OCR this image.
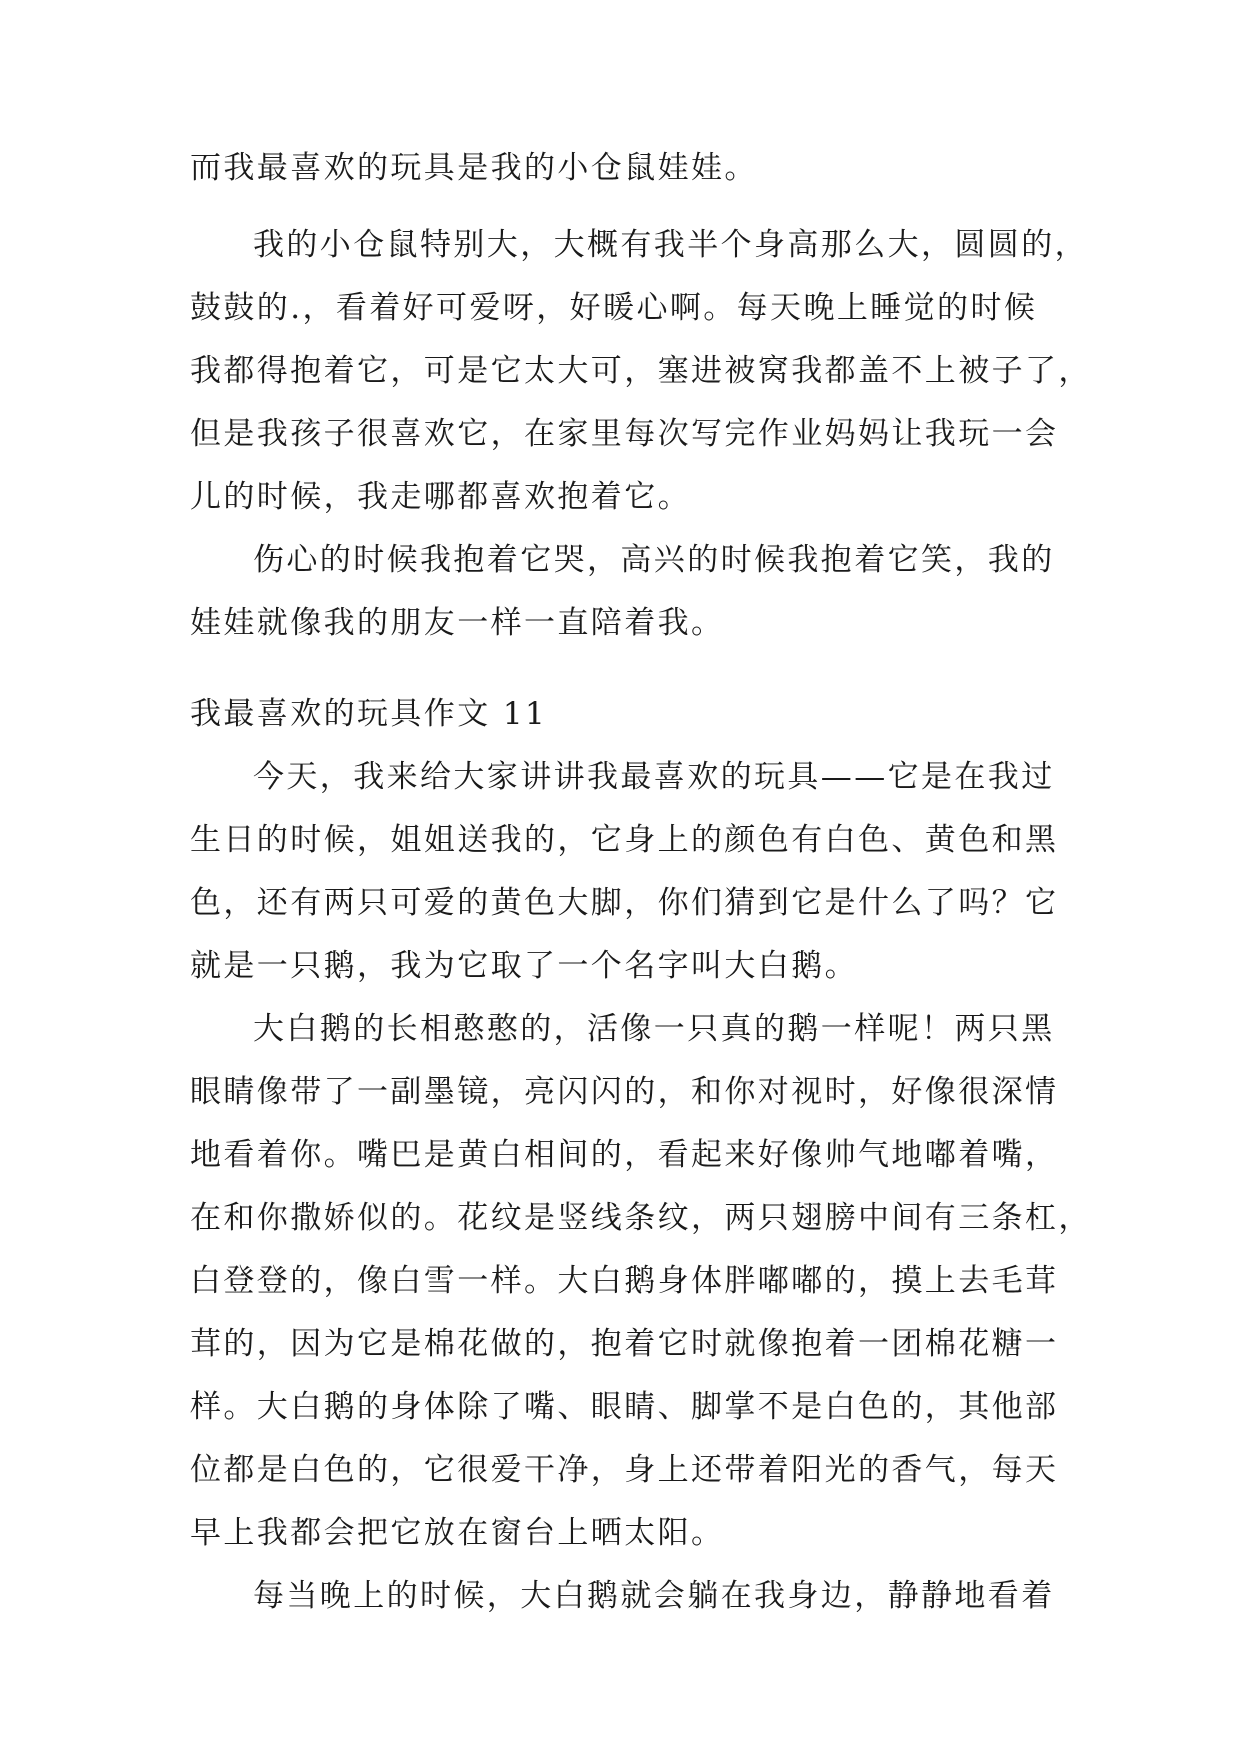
而我最喜欢的玩具是我的小仓鼠娃娃。
我的小仓鼠特别大，大概有我半个身高那么大，圆圆的，
鼓鼓的.，看着好可爱呀，好暖心啊。每天晚上睡觉的时候
我都得抱着它，可是它太大可，塞进被窝我都盖不上被子了，
但是我孩子很喜欢它，在家里每次写完作业妈妈让我玩一会
儿的时候，我走哪都喜欢抱着它。
伤心的时候我抱着它哭，高兴的时候我抱着它笑，我的
娃娃就像我的朋友一样一直陪着我。
我最喜欢的玩具作文 11
今天，我来给大家讲讲我最喜欢的玩具——它是在我过
生日的时候，姐姐送我的，它身上的颜色有白色、黄色和黑
色，还有两只可爱的黄色大脚，你们猜到它是什么了吗？它
就是一只鹅，我为它取了一个名字叫大白鹅。
大白鹅的长相憨憨的，活像一只真的鹅一样呢！两只黑
眼睛像带了一副墨镜，亮闪闪的，和你对视时，好像很深情
地看着你。嘴巴是黄白相间的，看起来好像帅气地嘟着嘴，
在和你撒娇似的。花纹是竖线条纹，两只翅膀中间有三条杠，
白登登的，像白雪一样。大白鹅身体胖嘟嘟的，摸上去毛茸
茸的，因为它是棉花做的，抱着它时就像抱着一团棉花糖一
样。大白鹅的身体除了嘴、眼睛、脚掌不是白色的，其他部
位都是白色的，它很爱干净，身上还带着阳光的香气，每天
早上我都会把它放在窗台上晒太阳。
每当晚上的时候，大白鹅就会躺在我身边，静静地看着
